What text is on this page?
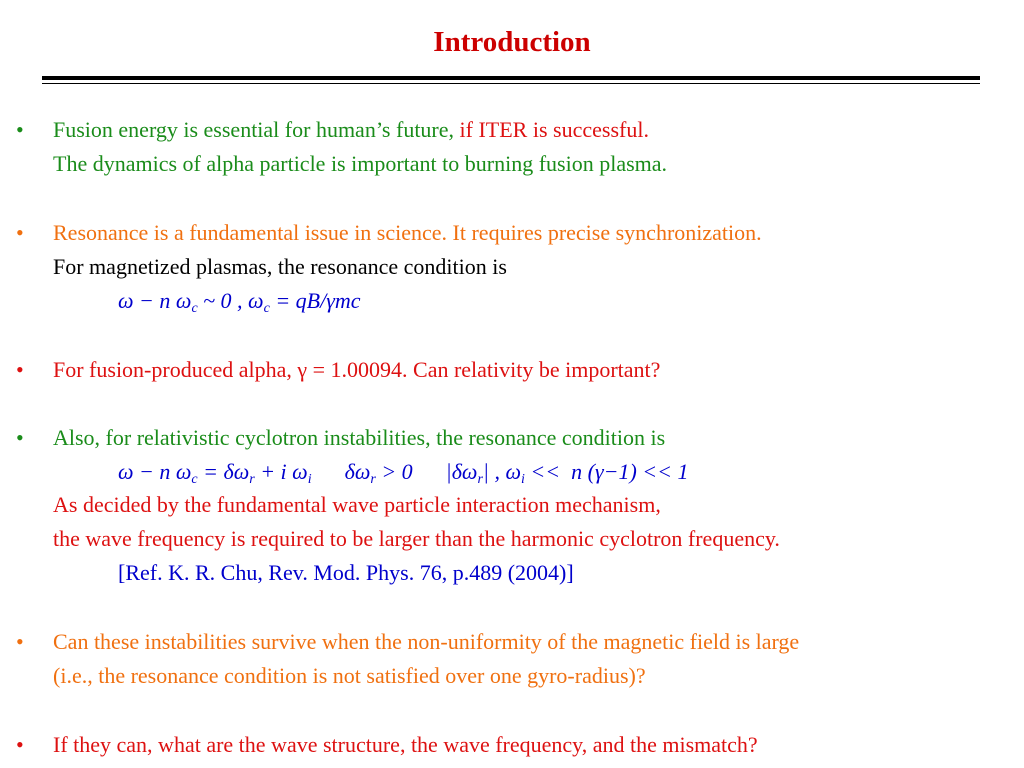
Introduction
• Fusion energy is essential for human’s future, if ITER is successful.
The dynamics of alpha particle is important to burning fusion plasma.
• Resonance is a fundamental issue in science. It requires precise synchronization.
For magnetized plasmas, the resonance condition is
ω − n $\omega_c$ ~ 0 , $\omega_c = qB/\gamma mc$
• For fusion-produced alpha, γ = 1.00094. Can relativity be important?
• Also, for relativistic cyclotron instabilities, the resonance condition is
ω − n $\omega_c = \delta\omega_r + i$ $\omega_i$      $\delta\omega_r > 0$      $|\delta\omega_r|$ , $\omega_i << n$ (γ−1) << 1
As decided by the fundamental wave particle interaction mechanism,
the wave frequency is required to be larger than the harmonic cyclotron frequency.
[Ref. K. R. Chu, Rev. Mod. Phys. 76, p.489 (2004)]
• Can these instabilities survive when the non-uniformity of the magnetic field is large
(i.e., the resonance condition is not satisfied over one gyro-radius)?
• If they can, what are the wave structure, the wave frequency, and the mismatch?
